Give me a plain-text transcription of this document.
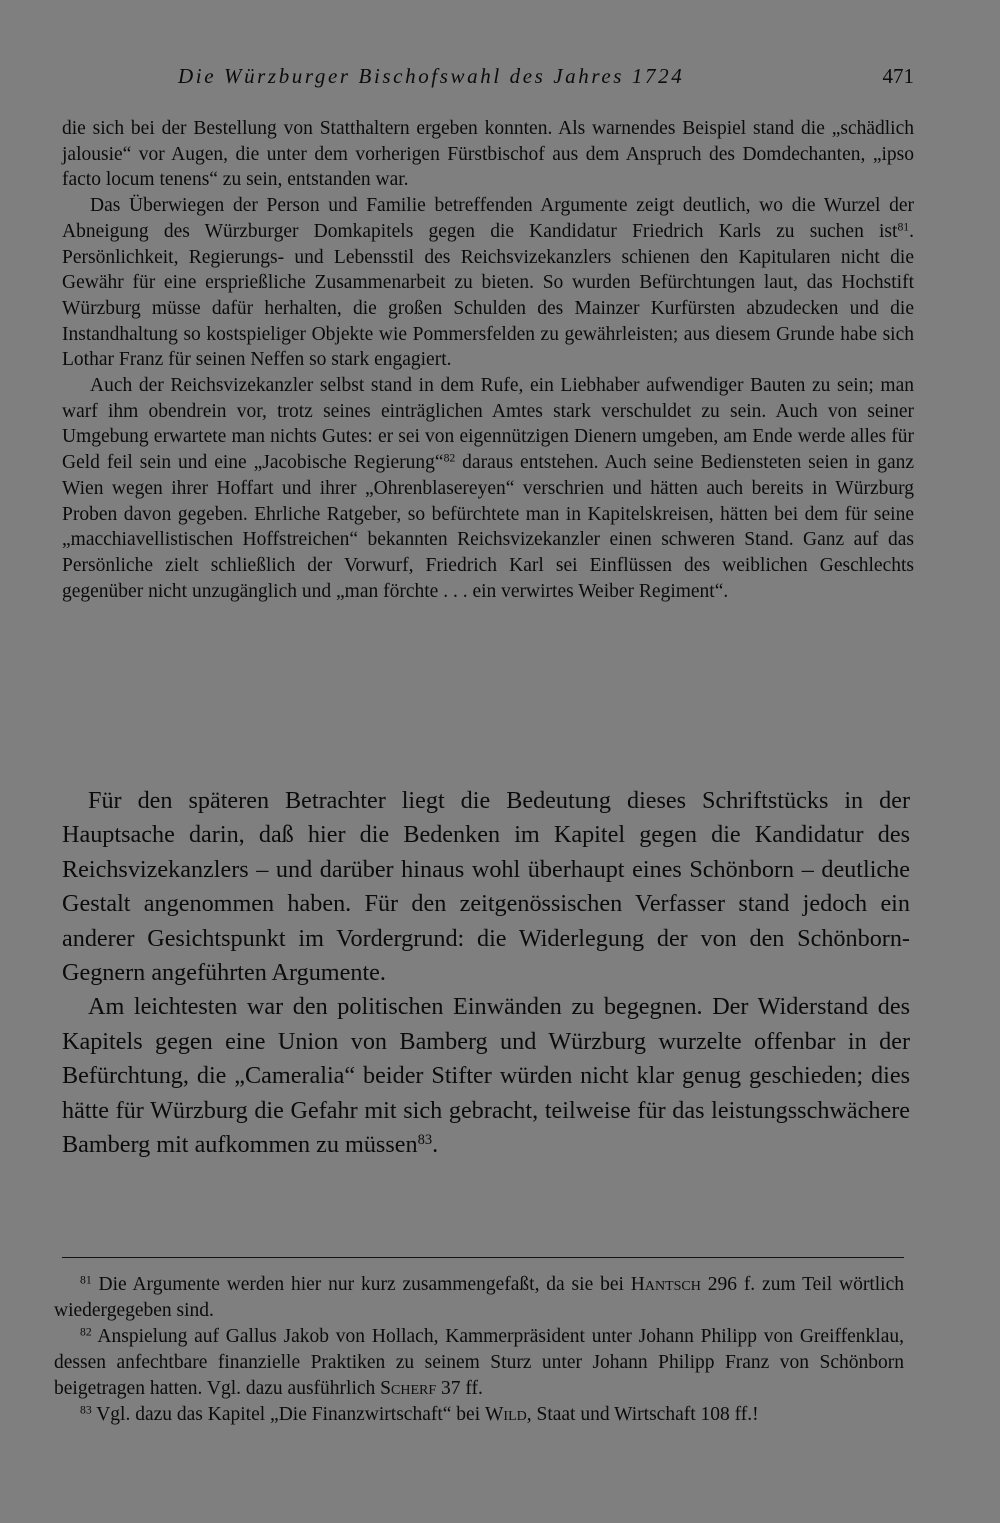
Die Würzburger Bischofswahl des Jahres 1724	471

die sich bei der Bestellung von Statthaltern ergeben konnten. Als warnendes Beispiel stand die „schädlich jalousie“ vor Augen, die unter dem vorherigen Fürstbischof aus dem Anspruch des Domdechanten, „ipso facto locum tenens“ zu sein, entstanden war.

Das Überwiegen der Person und Familie betreffenden Argumente zeigt deutlich, wo die Wurzel der Abneigung des Würzburger Domkapitels gegen die Kandidatur Friedrich Karls zu suchen ist$^{81}$. Persönlichkeit, Regierungs- und Lebensstil des Reichsvizekanzlers schienen den Kapitularen nicht die Gewähr für eine ersprießliche Zusammenarbeit zu bieten. So wurden Befürchtungen laut, das Hochstift Würzburg müsse dafür herhalten, die großen Schulden des Mainzer Kurfürsten abzudecken und die Instandhaltung so kostspieliger Objekte wie Pommersfelden zu gewährleisten; aus diesem Grunde habe sich Lothar Franz für seinen Neffen so stark engagiert.

Auch der Reichsvizekanzler selbst stand in dem Rufe, ein Liebhaber aufwendiger Bauten zu sein; man warf ihm obendrein vor, trotz seines einträglichen Amtes stark verschuldet zu sein. Auch von seiner Umgebung erwartete man nichts Gutes: er sei von eigennützigen Dienern umgeben, am Ende werde alles für Geld feil sein und eine „Jacobische Regierung“$^{82}$ daraus entstehen. Auch seine Bediensteten seien in ganz Wien wegen ihrer Hoffart und ihrer „Ohrenblasereyen“ verschrien und hätten auch bereits in Würzburg Proben davon gegeben. Ehrliche Ratgeber, so befürchtete man in Kapitelskreisen, hätten bei dem für seine „macchiavellistischen Hoffstreichen“ bekannten Reichsvizekanzler einen schweren Stand. Ganz auf das Persönliche zielt schließlich der Vorwurf, Friedrich Karl sei Einflüssen des weiblichen Geschlechts gegenüber nicht unzugänglich und „man förchte . . . ein verwirtes Weiber Regiment“.

Für den späteren Betrachter liegt die Bedeutung dieses Schriftstücks in der Hauptsache darin, daß hier die Bedenken im Kapitel gegen die Kandidatur des Reichsvizekanzlers – und darüber hinaus wohl überhaupt eines Schönborn – deutliche Gestalt angenommen haben. Für den zeitgenössischen Verfasser stand jedoch ein anderer Gesichtspunkt im Vordergrund: die Widerlegung der von den Schönborn-Gegnern angeführten Argumente.

Am leichtesten war den politischen Einwänden zu begegnen. Der Widerstand des Kapitels gegen eine Union von Bamberg und Würzburg wurzelte offenbar in der Befürchtung, die „Cameralia“ beider Stifter würden nicht klar genug geschieden; dies hätte für Würzburg die Gefahr mit sich gebracht, teilweise für das leistungsschwächere Bamberg mit aufkommen zu müssen$^{83}$.

$^{81}$ Die Argumente werden hier nur kurz zusammengefaßt, da sie bei Hantsch 296 f. zum Teil wörtlich wiedergegeben sind.

$^{82}$ Anspielung auf Gallus Jakob von Hollach, Kammerpräsident unter Johann Philipp von Greiffenklau, dessen anfechtbare finanzielle Praktiken zu seinem Sturz unter Johann Philipp Franz von Schönborn beigetragen hatten. Vgl. dazu ausführlich Scherf 37 ff.

$^{83}$ Vgl. dazu das Kapitel „Die Finanzwirtschaft“ bei Wild, Staat und Wirtschaft 108 ff.!
